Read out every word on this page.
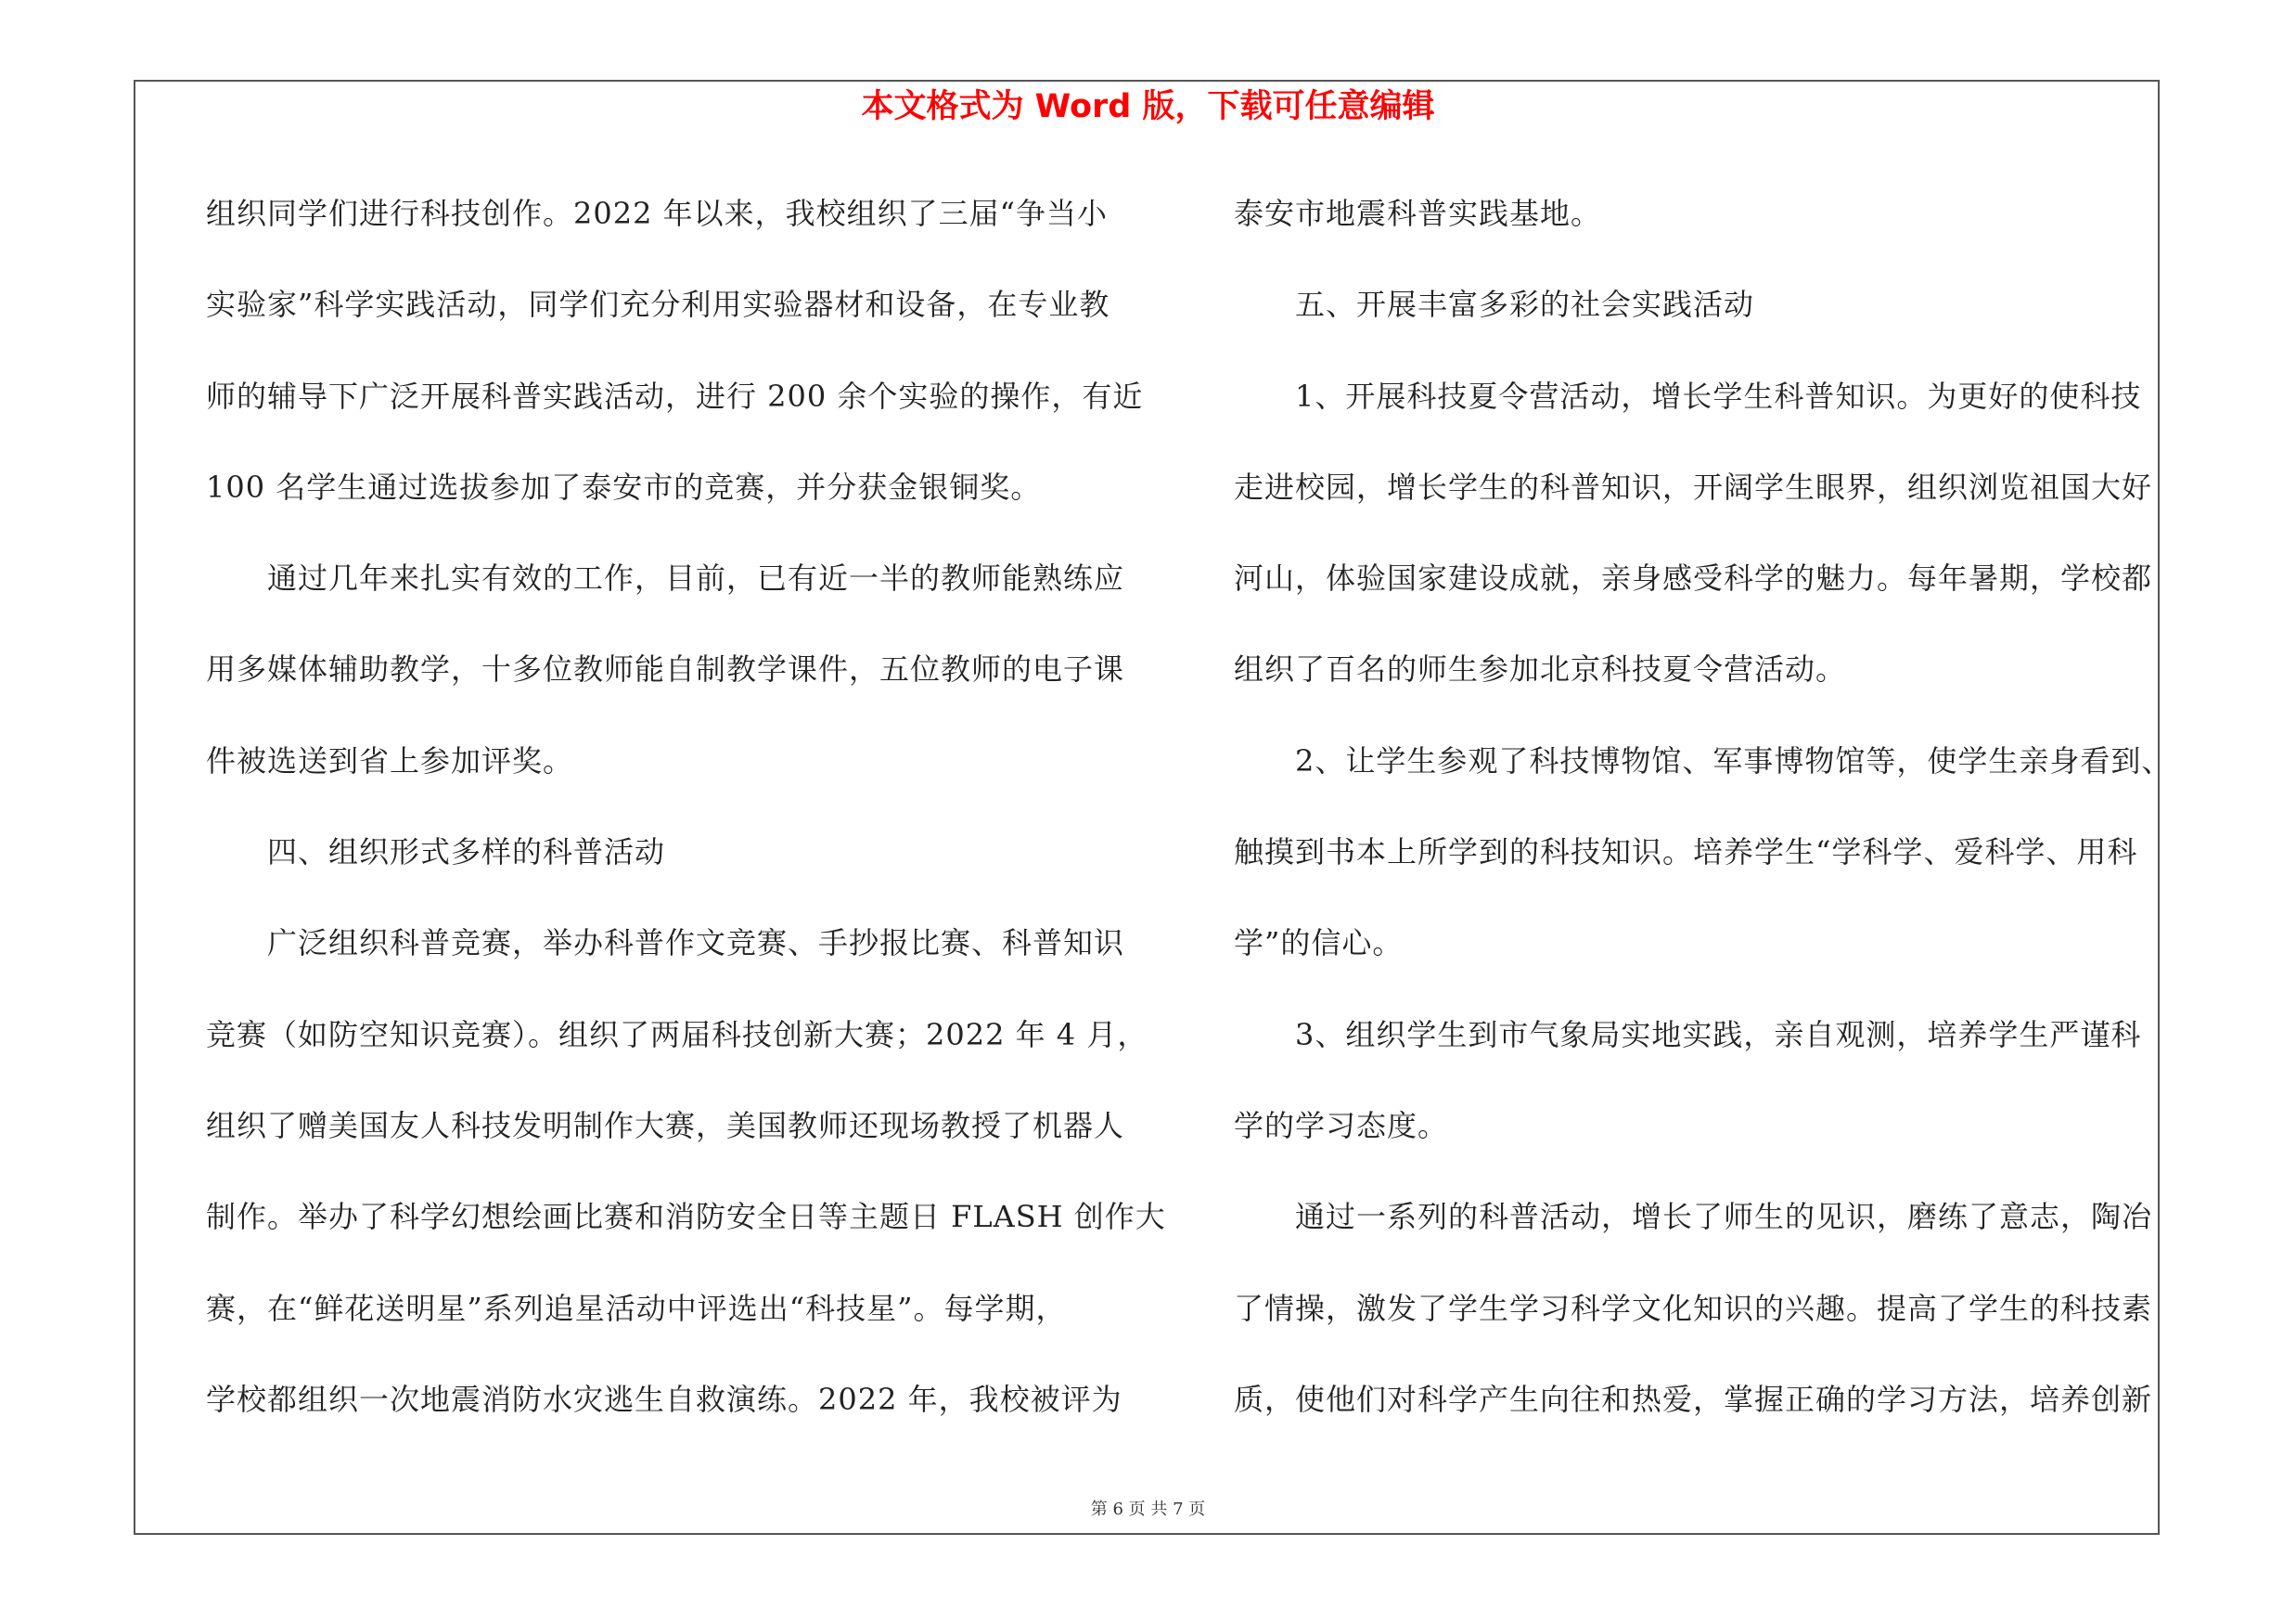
本文格式为 Word 版，下载可任意编辑
组织同学们进行科技创作。2022 年以来，我校组织了三届“争当小
实验家”科学实践活动，同学们充分利用实验器材和设备，在专业教
师的辅导下广泛开展科普实践活动，进行 200 余个实验的操作，有近
100 名学生通过选拔参加了泰安市的竞赛，并分获金银铜奖。
通过几年来扎实有效的工作，目前，已有近一半的教师能熟练应
用多媒体辅助教学，十多位教师能自制教学课件，五位教师的电子课
件被选送到省上参加评奖。
四、组织形式多样的科普活动
广泛组织科普竞赛，举办科普作文竞赛、手抄报比赛、科普知识
竞赛（如防空知识竞赛）。组织了两届科技创新大赛；2022 年 4 月，
组织了赠美国友人科技发明制作大赛，美国教师还现场教授了机器人
制作。举办了科学幻想绘画比赛和消防安全日等主题日 FLASH 创作大
赛，在“鲜花送明星”系列追星活动中评选出“科技星”。每学期，
学校都组织一次地震消防水灾逃生自救演练。2022 年，我校被评为
泰安市地震科普实践基地。
五、开展丰富多彩的社会实践活动
1、开展科技夏令营活动，增长学生科普知识。为更好的使科技
走进校园，增长学生的科普知识，开阔学生眼界，组织浏览祖国大好
河山，体验国家建设成就，亲身感受科学的魅力。每年暑期，学校都
组织了百名的师生参加北京科技夏令营活动。
2、让学生参观了科技博物馆、军事博物馆等，使学生亲身看到、
触摸到书本上所学到的科技知识。培养学生“学科学、爱科学、用科
学”的信心。
3、组织学生到市气象局实地实践，亲自观测，培养学生严谨科
学的学习态度。
通过一系列的科普活动，增长了师生的见识，磨练了意志，陶冶
了情操，激发了学生学习科学文化知识的兴趣。提高了学生的科技素
质，使他们对科学产生向往和热爱，掌握正确的学习方法，培养创新
第 6 页 共 7 页
